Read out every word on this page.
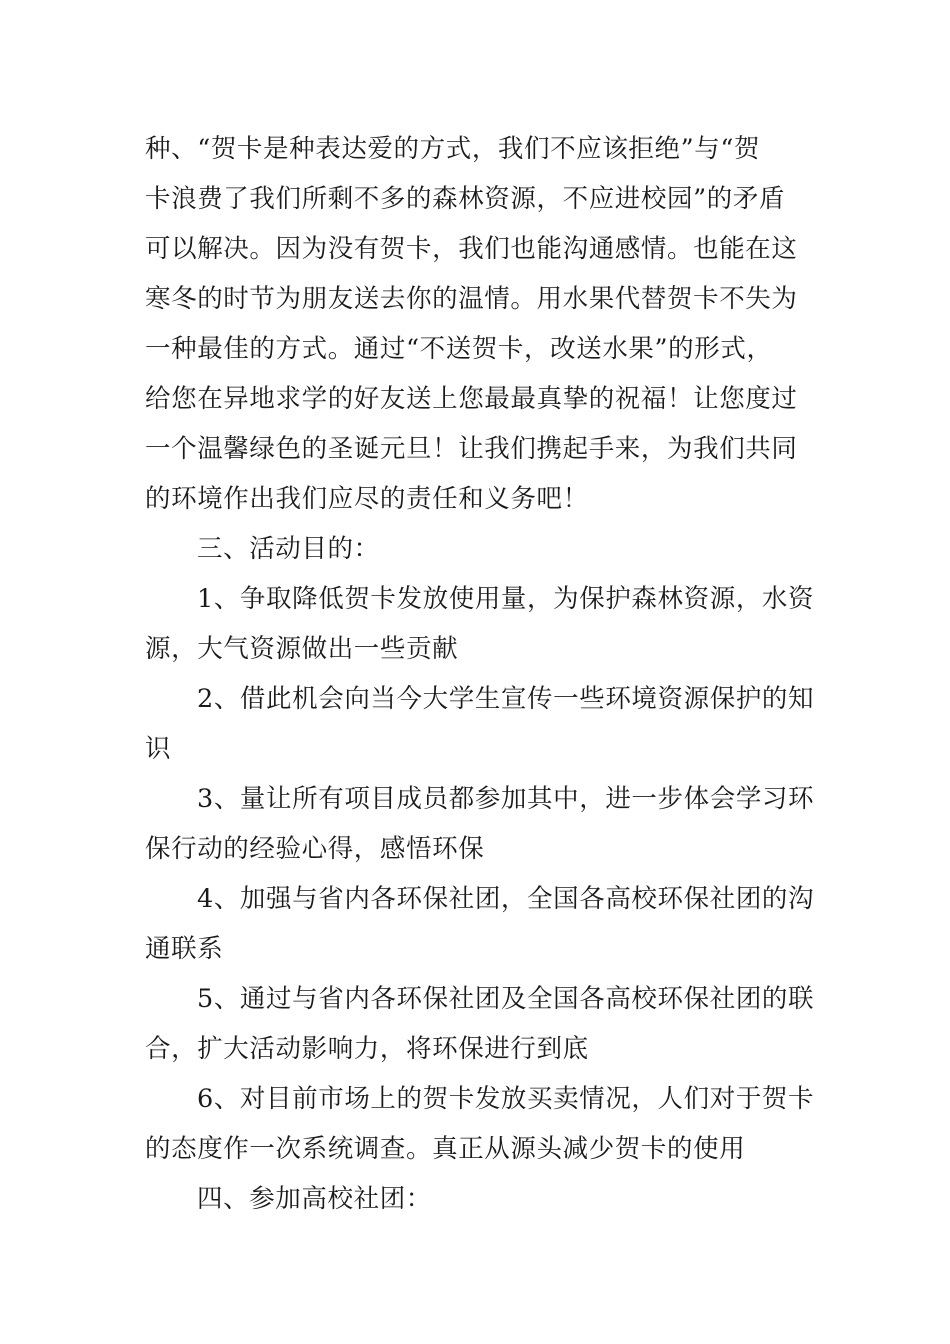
种、“贺卡是种表达爱的方式，我们不应该拒绝”与“贺
卡浪费了我们所剩不多的森林资源，不应进校园”的矛盾
可以解决。因为没有贺卡，我们也能沟通感情。也能在这
寒冬的时节为朋友送去你的温情。用水果代替贺卡不失为
一种最佳的方式。通过“不送贺卡，改送水果”的形式，
给您在异地求学的好友送上您最最真挚的祝福！让您度过
一个温馨绿色的圣诞元旦！让我们携起手来，为我们共同
的环境作出我们应尽的责任和义务吧！

三、活动目的：

1、争取降低贺卡发放使用量，为保护森林资源，水资
源，大气资源做出一些贡献

2、借此机会向当今大学生宣传一些环境资源保护的知
识

3、量让所有项目成员都参加其中，进一步体会学习环
保行动的经验心得，感悟环保

4、加强与省内各环保社团，全国各高校环保社团的沟
通联系

5、通过与省内各环保社团及全国各高校环保社团的联
合，扩大活动影响力，将环保进行到底

6、对目前市场上的贺卡发放买卖情况，人们对于贺卡
的态度作一次系统调查。真正从源头减少贺卡的使用

四、参加高校社团：
